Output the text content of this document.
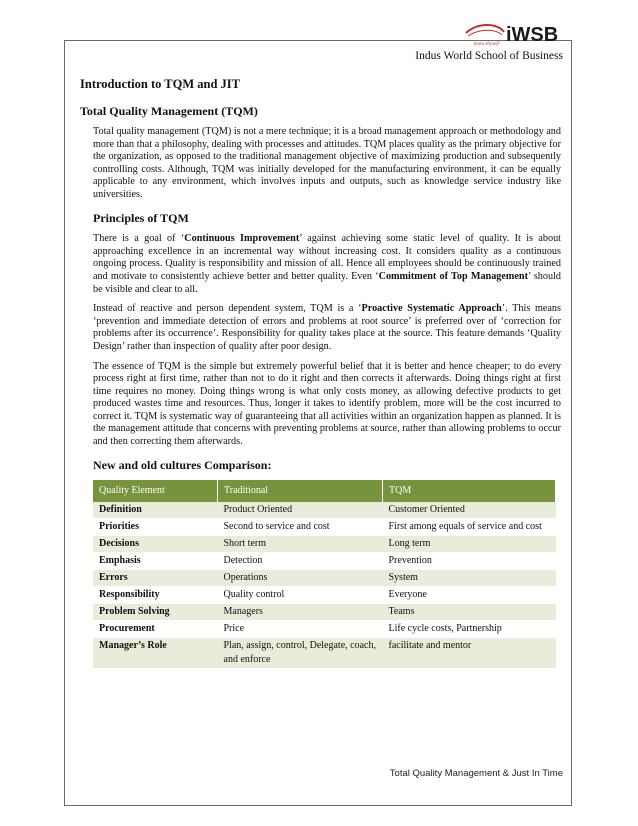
iWSB
know thyself
Indus World School of Business
Introduction to TQM and JIT
Total Quality Management (TQM)

Total quality management (TQM) is not a mere technique; it is a broad management approach or methodology and more than that a philosophy, dealing with processes and attitudes. TQM places quality as the primary objective for the organization, as opposed to the traditional management objective of maximizing production and subsequently controlling costs. Although, TQM was initially developed for the manufacturing environment, it can be equally applicable to any environment, which involves inputs and outputs, such as knowledge service industry like universities.

Principles of TQM

There is a goal of ‘Continuous Improvement’ against achieving some static level of quality. It is about approaching excellence in an incremental way without increasing cost. It considers quality as a continuous ongoing process. Quality is responsibility and mission of all. Hence all employees should be continuously trained and motivate to consistently achieve better and better quality. Even ‘Commitment of Top Management’ should be visible and clear to all.

Instead of reactive and person dependent system, TQM is a ‘Proactive Systematic Approach’. This means ‘prevention and immediate detection of errors and problems at root source’ is preferred over of ‘correction for problems after its occurrence’. Responsibility for quality takes place at the source. This feature demands ‘Quality Design’ rather than inspection of quality after poor design.

The essence of TQM is the simple but extremely powerful belief that it is better and hence cheaper; to do every process right at first time, rather than not to do it right and then corrects it afterwards. Doing things right at first time requires no money. Doing things wrong is what only costs money, as allowing defective products to get produced wastes time and resources. Thus, longer it takes to identify problem, more will be the cost incurred to correct it. TQM is systematic way of guaranteeing that all activities within an organization happen as planned. It is the management attitude that concerns with preventing problems at source, rather than allowing problems to occur and then correcting them afterwards.

New and old cultures Comparison:
Quality Element	Traditional	TQM
Definition	Product Oriented	Customer Oriented
Priorities	Second to service and cost	First among equals of service and cost
Decisions	Short term	Long term
Emphasis	Detection	Prevention
Errors	Operations	System
Responsibility	Quality control	Everyone
Problem Solving	Managers	Teams
Procurement	Price	Life cycle costs, Partnership
Manager’s Role	Plan, assign, control, Delegate, coach, and enforce	facilitate and mentor
Total Quality Management & Just In Time
